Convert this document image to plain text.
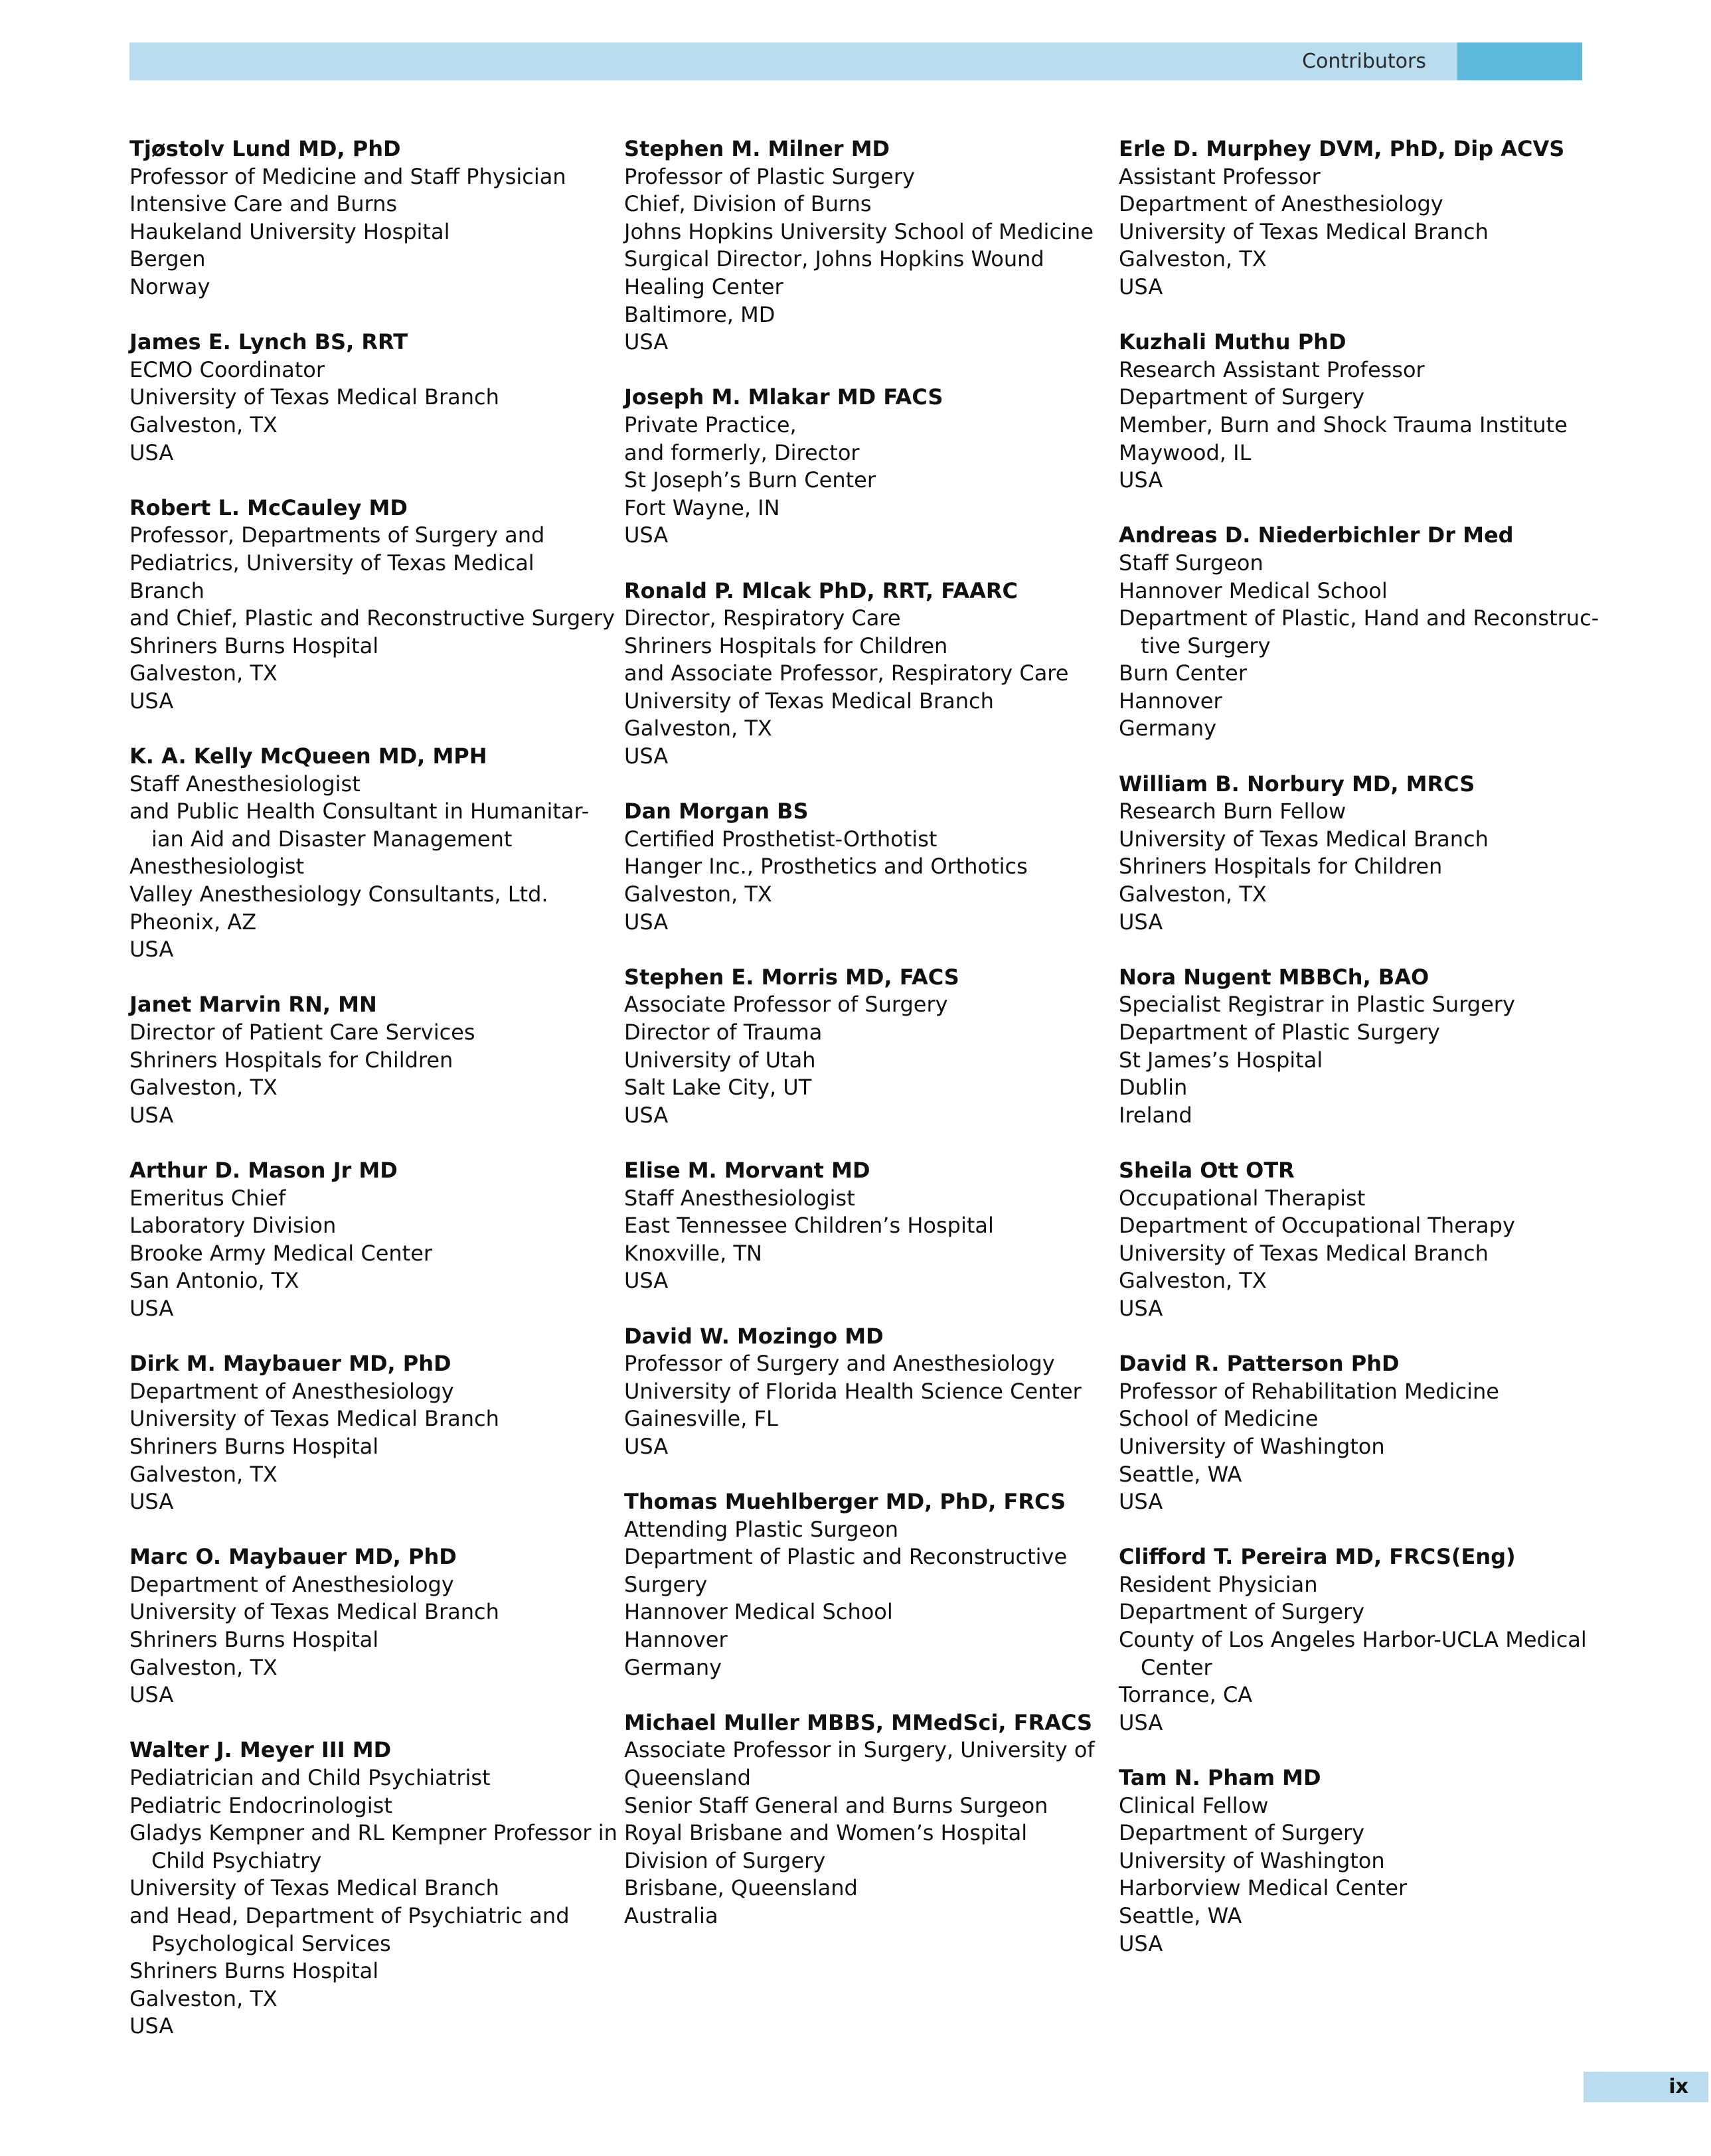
Contributors
Tjøstolv Lund MD, PhD
Professor of Medicine and Staff Physician
Intensive Care and Burns
Haukeland University Hospital
Bergen
Norway
James E. Lynch BS, RRT
ECMO Coordinator
University of Texas Medical Branch
Galveston, TX
USA
Robert L. McCauley MD
Professor, Departments of Surgery and
Pediatrics, University of Texas Medical
Branch
and Chief, Plastic and Reconstructive Surgery
Shriners Burns Hospital
Galveston, TX
USA
K. A. Kelly McQueen MD, MPH
Staff Anesthesiologist
and Public Health Consultant in Humanitar-
ian Aid and Disaster Management
Anesthesiologist
Valley Anesthesiology Consultants, Ltd.
Pheonix, AZ
USA
Janet Marvin RN, MN
Director of Patient Care Services
Shriners Hospitals for Children
Galveston, TX
USA
Arthur D. Mason Jr MD
Emeritus Chief
Laboratory Division
Brooke Army Medical Center
San Antonio, TX
USA
Dirk M. Maybauer MD, PhD
Department of Anesthesiology
University of Texas Medical Branch
Shriners Burns Hospital
Galveston, TX
USA
Marc O. Maybauer MD, PhD
Department of Anesthesiology
University of Texas Medical Branch
Shriners Burns Hospital
Galveston, TX
USA
Walter J. Meyer III MD
Pediatrician and Child Psychiatrist
Pediatric Endocrinologist
Gladys Kempner and RL Kempner Professor in
Child Psychiatry
University of Texas Medical Branch
and Head, Department of Psychiatric and
Psychological Services
Shriners Burns Hospital
Galveston, TX
USA
Stephen M. Milner MD
Professor of Plastic Surgery
Chief, Division of Burns
Johns Hopkins University School of Medicine
Surgical Director, Johns Hopkins Wound
Healing Center
Baltimore, MD
USA
Joseph M. Mlakar MD FACS
Private Practice,
and formerly, Director
St Joseph’s Burn Center
Fort Wayne, IN
USA
Ronald P. Mlcak PhD, RRT, FAARC
Director, Respiratory Care
Shriners Hospitals for Children
and Associate Professor, Respiratory Care
University of Texas Medical Branch
Galveston, TX
USA
Dan Morgan BS
Certified Prosthetist-Orthotist
Hanger Inc., Prosthetics and Orthotics
Galveston, TX
USA
Stephen E. Morris MD, FACS
Associate Professor of Surgery
Director of Trauma
University of Utah
Salt Lake City, UT
USA
Elise M. Morvant MD
Staff Anesthesiologist
East Tennessee Children’s Hospital
Knoxville, TN
USA
David W. Mozingo MD
Professor of Surgery and Anesthesiology
University of Florida Health Science Center
Gainesville, FL
USA
Thomas Muehlberger MD, PhD, FRCS
Attending Plastic Surgeon
Department of Plastic and Reconstructive
Surgery
Hannover Medical School
Hannover
Germany
Michael Muller MBBS, MMedSci, FRACS
Associate Professor in Surgery, University of
Queensland
Senior Staff General and Burns Surgeon
Royal Brisbane and Women’s Hospital
Division of Surgery
Brisbane, Queensland
Australia
Erle D. Murphey DVM, PhD, Dip ACVS
Assistant Professor
Department of Anesthesiology
University of Texas Medical Branch
Galveston, TX
USA
Kuzhali Muthu PhD
Research Assistant Professor
Department of Surgery
Member, Burn and Shock Trauma Institute
Maywood, IL
USA
Andreas D. Niederbichler Dr Med
Staff Surgeon
Hannover Medical School
Department of Plastic, Hand and Reconstruc-
tive Surgery
Burn Center
Hannover
Germany
William B. Norbury MD, MRCS
Research Burn Fellow
University of Texas Medical Branch
Shriners Hospitals for Children
Galveston, TX
USA
Nora Nugent MBBCh, BAO
Specialist Registrar in Plastic Surgery
Department of Plastic Surgery
St James’s Hospital
Dublin
Ireland
Sheila Ott OTR
Occupational Therapist
Department of Occupational Therapy
University of Texas Medical Branch
Galveston, TX
USA
David R. Patterson PhD
Professor of Rehabilitation Medicine
School of Medicine
University of Washington
Seattle, WA
USA
Clifford T. Pereira MD, FRCS(Eng)
Resident Physician
Department of Surgery
County of Los Angeles Harbor-UCLA Medical
Center
Torrance, CA
USA
Tam N. Pham MD
Clinical Fellow
Department of Surgery
University of Washington
Harborview Medical Center
Seattle, WA
USA
ix
